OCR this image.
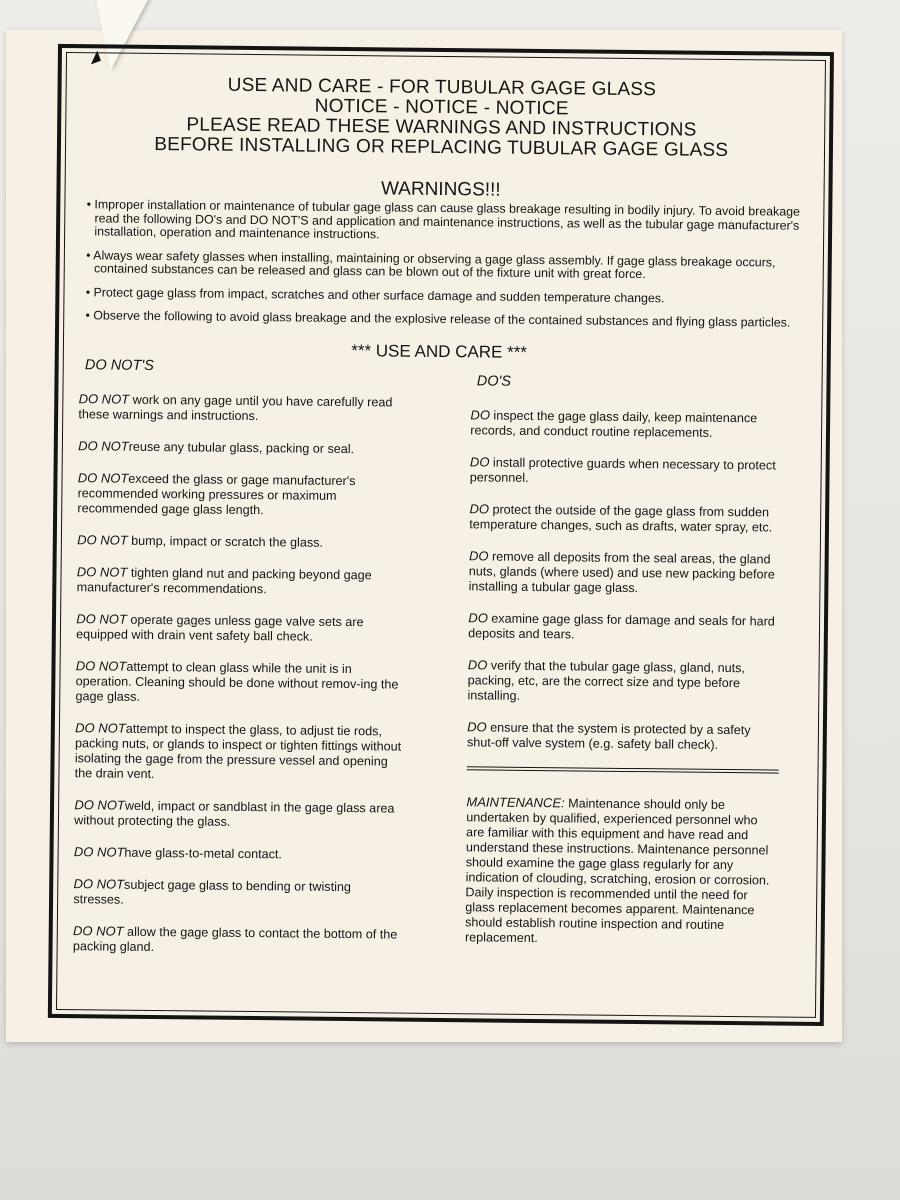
◢
USE AND CARE - FOR TUBULAR GAGE GLASS
NOTICE - NOTICE - NOTICE
PLEASE READ THESE WARNINGS AND INSTRUCTIONS
BEFORE INSTALLING OR REPLACING TUBULAR GAGE GLASS
WARNINGS!!!

• Improper installation or maintenance of tubular gage glass can cause glass breakage resulting in bodily injury. To avoid breakage read the following DO's and DO NOT'S and application and maintenance instructions, as well as the tubular gage manufacturer's installation, operation and maintenance instructions.

• Always wear safety glasses when installing, maintaining or observing a gage glass assembly. If gage glass breakage occurs, contained substances can be released and glass can be blown out of the fixture unit with great force.

• Protect gage glass from impact, scratches and other surface damage and sudden temperature changes.

• Observe the following to avoid glass breakage and the explosive release of the contained substances and flying glass particles.

*** USE AND CARE ***
DO NOT'S
DO NOT work on any gage until you have carefully read these warnings and instructions.
DO NOTreuse any tubular glass, packing or seal.
DO NOTexceed the glass or gage manufacturer's recommended working pressures or maximum recommended gage glass length.
DO NOT bump, impact or scratch the glass.
DO NOT tighten gland nut and packing beyond gage manufacturer's recommendations.
DO NOT operate gages unless gage valve sets are equipped with drain vent safety ball check.
DO NOTattempt to clean glass while the unit is in operation. Cleaning should be done without remov-ing the gage glass.
DO NOTattempt to inspect the glass, to adjust tie rods, packing nuts, or glands to inspect or tighten fittings without isolating the gage from the pressure vessel and opening the drain vent.
DO NOTweld, impact or sandblast in the gage glass area without protecting the glass.
DO NOThave glass-to-metal contact.
DO NOTsubject gage glass to bending or twisting stresses.
DO NOT allow the gage glass to contact the bottom of the packing gland.
DO'S
DO inspect the gage glass daily, keep maintenance records, and conduct routine replacements.
DO install protective guards when necessary to protect personnel.
DO protect the outside of the gage glass from sudden temperature changes, such as drafts, water spray, etc.
DO remove all deposits from the seal areas, the gland nuts, glands (where used) and use new packing before installing a tubular gage glass.
DO examine gage glass for damage and seals for hard deposits and tears.
DO verify that the tubular gage glass, gland, nuts, packing, etc, are the correct size and type before installing.
DO ensure that the system is protected by a safety shut-off valve system (e.g. safety ball check).
MAINTENANCE: Maintenance should only be undertaken by qualified, experienced personnel who are familiar with this equipment and have read and understand these instructions. Maintenance personnel should examine the gage glass regularly for any indication of clouding, scratching, erosion or corrosion. Daily inspection is recommended until the need for glass replacement becomes apparent. Maintenance should establish routine inspection and routine replacement.
